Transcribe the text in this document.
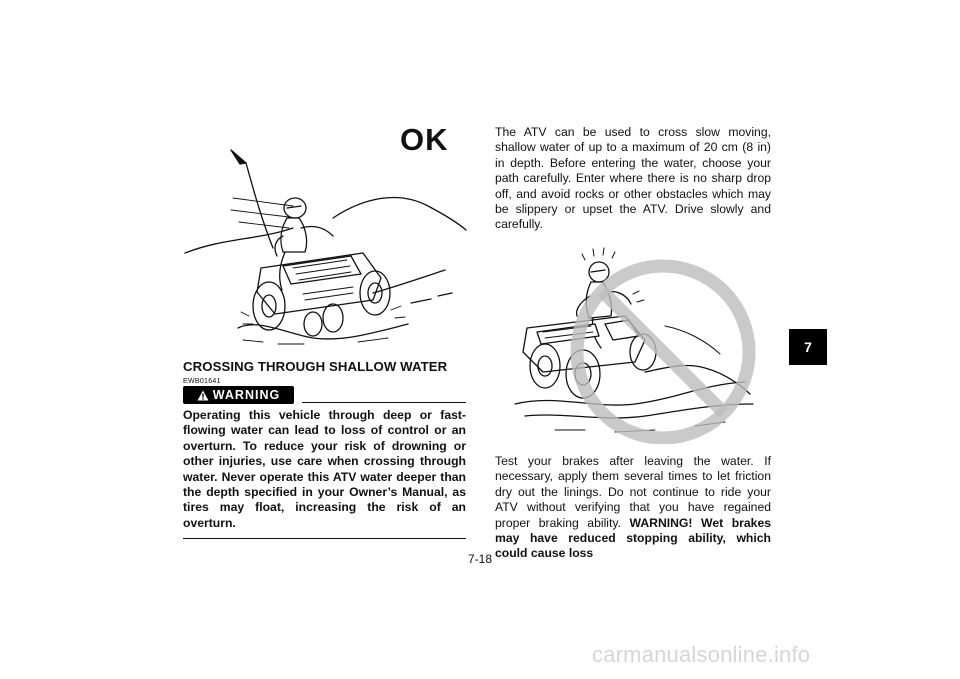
OK
CROSSING THROUGH SHALLOW WATER
EWB01641
WARNING

Operating this vehicle through deep or fast-flowing water can lead to loss of control or an overturn. To reduce your risk of drowning or other injuries, use care when crossing through water. Never operate this ATV water deeper than the depth specified in your Owner’s Manual, as tires may float, increasing the risk of an overturn.

The ATV can be used to cross slow moving, shallow water of up to a maximum of 20 cm (8 in) in depth. Before entering the water, choose your path carefully. Enter where there is no sharp drop off, and avoid rocks or other obstacles which may be slippery or upset the ATV. Drive slowly and carefully.

Test your brakes after leaving the water. If necessary, apply them several times to let friction dry out the linings. Do not continue to ride your ATV without verifying that you have regained proper braking ability. WARNING! Wet brakes may have reduced stopping ability, which could cause loss

7
7-18
carmanualsonline.info
